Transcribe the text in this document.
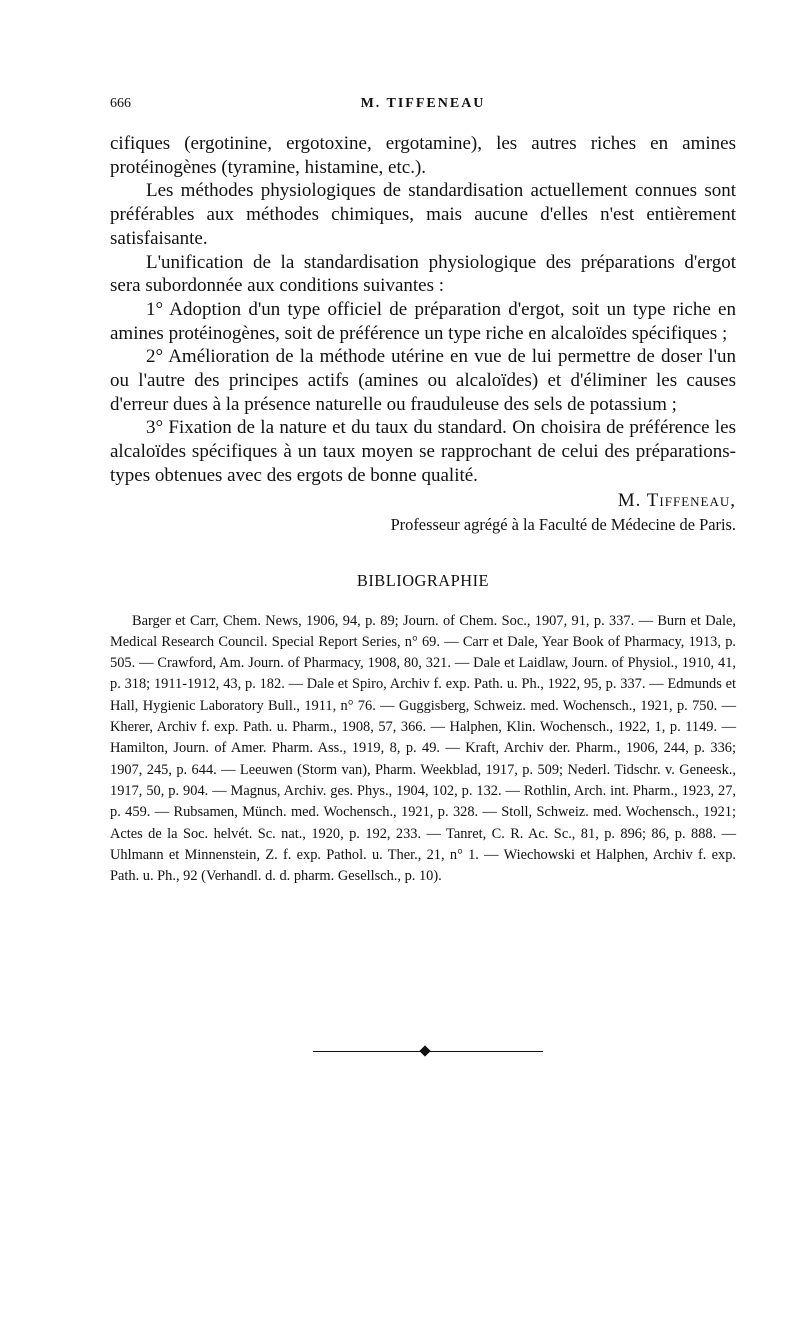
666	M. TIFFENEAU

cifiques (ergotinine, ergotoxine, ergotamine), les autres riches en amines protéinogènes (tyramine, histamine, etc.).

Les méthodes physiologiques de standardisation actuellement connues sont préférables aux méthodes chimiques, mais aucune d'elles n'est entièrement satisfaisante.

L'unification de la standardisation physiologique des préparations d'ergot sera subordonnée aux conditions suivantes :

1° Adoption d'un type officiel de préparation d'ergot, soit un type riche en amines protéinogènes, soit de préférence un type riche en alcaloïdes spécifiques ;

2° Amélioration de la méthode utérine en vue de lui permettre de doser l'un ou l'autre des principes actifs (amines ou alcaloïdes) et d'éliminer les causes d'erreur dues à la présence naturelle ou frauduleuse des sels de potassium ;

3° Fixation de la nature et du taux du standard. On choisira de préférence les alcaloïdes spécifiques à un taux moyen se rapprochant de celui des préparations-types obtenues avec des ergots de bonne qualité.

M. Tiffeneau,
Professeur agrégé à la Faculté de Médecine de Paris.
BIBLIOGRAPHIE
Barger et Carr, Chem. News, 1906, 94, p. 89; Journ. of Chem. Soc., 1907, 91, p. 337. — Burn et Dale, Medical Research Council. Special Report Series, n° 69. — Carr et Dale, Year Book of Pharmacy, 1913, p. 505. — Crawford, Am. Journ. of Pharmacy, 1908, 80, 321. — Dale et Laidlaw, Journ. of Physiol., 1910, 41, p. 318; 1911-1912, 43, p. 182. — Dale et Spiro, Archiv f. exp. Path. u. Ph., 1922, 95, p. 337. — Edmunds et Hall, Hygienic Laboratory Bull., 1911, n° 76. — Guggisberg, Schweiz. med. Wochensch., 1921, p. 750. — Kherer, Archiv f. exp. Path. u. Pharm., 1908, 57, 366. — Halphen, Klin. Wochensch., 1922, 1, p. 1149. — Hamilton, Journ. of Amer. Pharm. Ass., 1919, 8, p. 49. — Kraft, Archiv der. Pharm., 1906, 244, p. 336; 1907, 245, p. 644. — Leeuwen (Storm van), Pharm. Weekblad, 1917, p. 509; Nederl. Tidschr. v. Geneesk., 1917, 50, p. 904. — Magnus, Archiv. ges. Phys., 1904, 102, p. 132. — Rothlin, Arch. int. Pharm., 1923, 27, p. 459. — Rubsamen, Münch. med. Wochensch., 1921, p. 328. — Stoll, Schweiz. med. Wochensch., 1921; Actes de la Soc. helvét. Sc. nat., 1920, p. 192, 233. — Tanret, C. R. Ac. Sc., 81, p. 896; 86, p. 888. — Uhlmann et Minnenstein, Z. f. exp. Pathol. u. Ther., 21, n° 1. — Wiechowski et Halphen, Archiv f. exp. Path. u. Ph., 92 (Verhandl. d. d. pharm. Gesellsch., p. 10).
